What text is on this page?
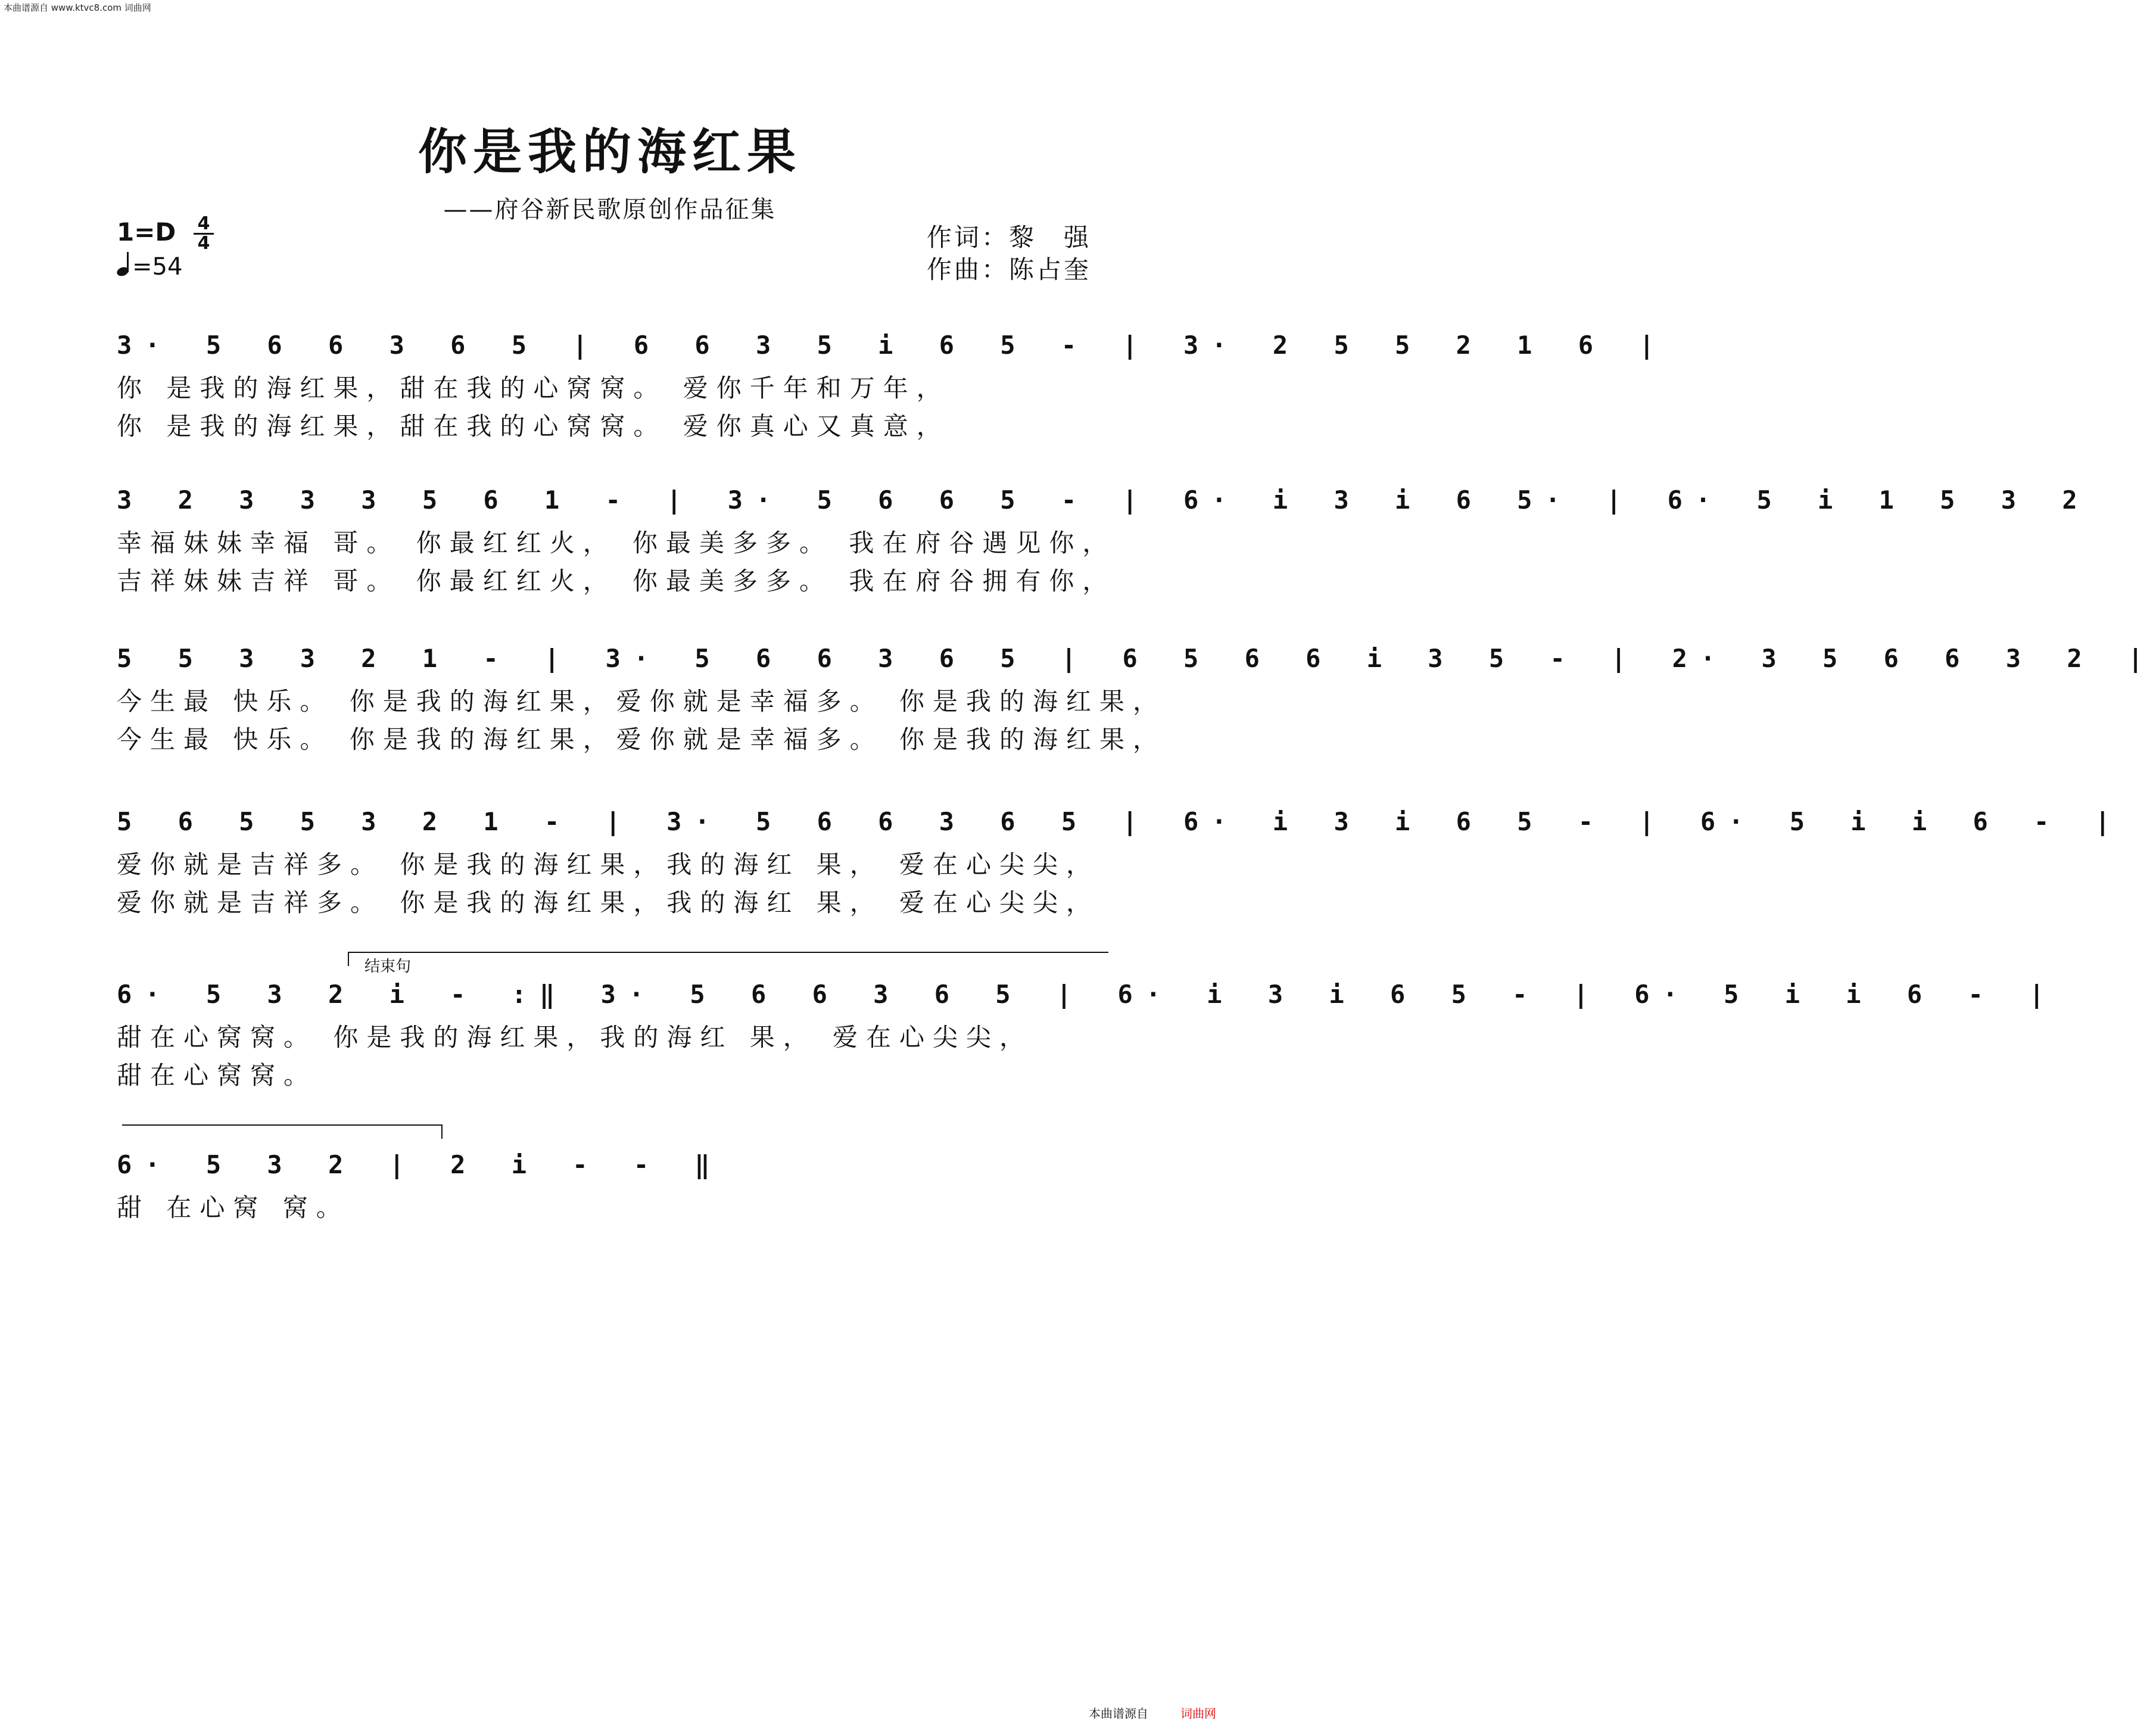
本曲谱源自 www.ktvc8.com 词曲网
你是我的海红果
——府谷新民歌原创作品征集
1=D 4
4
=54
作词：黎　强
作曲：陈占奎
3· 5 6 6 3 6 5 | 6 6 3 5 i 6 5 - | 3· 2 5 5 2 1 6 |
你 是我的海红果，甜在我的心窝窝。 爱你千年和万年，
你 是我的海红果，甜在我的心窝窝。 爱你真心又真意，
3 2 3 3 3 5 6 1 - | 3· 5 6 6 5 - | 6· i 3 i 6 5· | 6· 5 i 1 5 3 2
幸福妹妹幸福 哥。 你最红红火， 你最美多多。 我在府谷遇见你，
吉祥妹妹吉祥 哥。 你最红红火， 你最美多多。 我在府谷拥有你，
5 5 3 3 2 1 - | 3· 5 6 6 3 6 5 | 6 5 6 6 i 3 5 - | 2· 3 5 6 6 3 2 |
今生最 快乐。 你是我的海红果，爱你就是幸福多。 你是我的海红果，
今生最 快乐。 你是我的海红果，爱你就是幸福多。 你是我的海红果，
5 6 5 5 3 2 1 - | 3· 5 6 6 3 6 5 | 6· i 3 i 6 5 - | 6· 5 i i 6 - |
爱你就是吉祥多。 你是我的海红果，我的海红 果， 爱在心尖尖，
爱你就是吉祥多。 你是我的海红果，我的海红 果， 爱在心尖尖，
结束句
6· 5 3 2 i - :‖ 3· 5 6 6 3 6 5 | 6· i 3 i 6 5 - | 6· 5 i i 6 - |
甜在心窝窝。 你是我的海红果，我的海红 果， 爱在心尖尖，
甜在心窝窝。
6· 5 3 2 | 2 i - - ‖
甜 在心窝 窝。
本曲谱源自	词曲网
